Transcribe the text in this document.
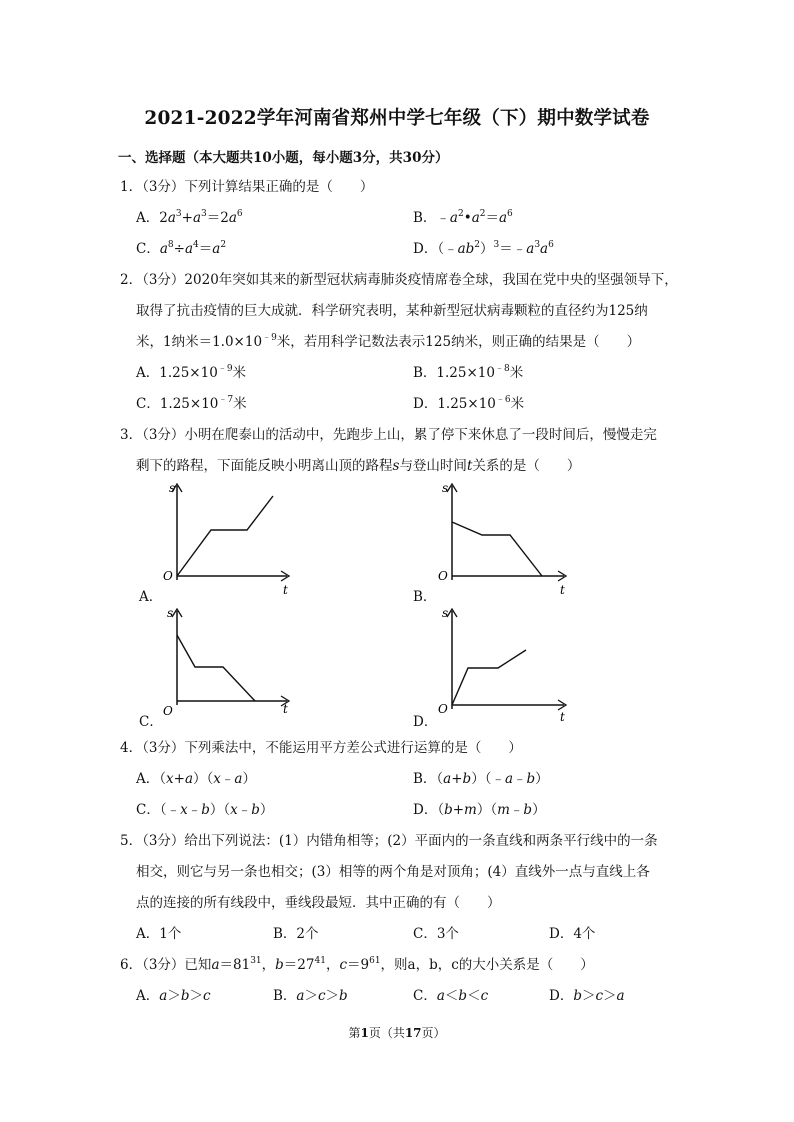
2021-2022学年河南省郑州中学七年级（下）期中数学试卷
一、选择题（本大题共10小题，每小题3分，共30分）
1．（3分）下列计算结果正确的是（　　）
A．$2a^3+a^3=2a^6$	B．$﹣a^2•a^2=a^6$
C．$a^8\div a^4=a^2$	D．$(﹣ab^2)^3=﹣a^3a^6$
2．（3分）2020年突如其来的新型冠状病毒肺炎疫情席卷全球，我国在党中央的坚强领导下，
取得了抗击疫情的巨大成就．科学研究表明，某种新型冠状病毒颗粒的直径约为125纳
米，1纳米$=1.0\times 10^{﹣9}$米，若用科学记数法表示125纳米，则正确的结果是（　　）
A．$1.25\times 10^{﹣9}$米	B．$1.25\times 10^{﹣8}$米
C．$1.25\times 10^{﹣7}$米	D．$1.25\times 10^{﹣6}$米
3．（3分）小明在爬泰山的活动中，先跑步上山，累了停下来休息了一段时间后，慢慢走完
剩下的路程，下面能反映小明离山顶的路程s与登山时间t关系的是（　　）
A．
s
t
O
B．
s
t
O
C．
s
t
O
D．
s
t
O
4．（3分）下列乘法中，不能运用平方差公式进行运算的是（　　）
A．（x+a）（x﹣a）	B．（a+b）（﹣a﹣b）
C．（﹣x﹣b）（x﹣b）	D．（b+m）（m﹣b）
5．（3分）给出下列说法：(1）内错角相等；(2）平面内的一条直线和两条平行线中的一条
相交，则它与另一条也相交；(3）相等的两个角是对顶角；(4）直线外一点与直线上各
点的连接的所有线段中，垂线段最短．其中正确的有（　　）
A．1个	B．2个	C．3个	D．4个
6．（3分）已知$a=81^{31}$，$b=27^{41}$，$c=9^{61}$，则a，b，c的大小关系是（　　）
A．a＞b＞c	B．a＞c＞b	C．a＜b＜c	D．b＞c＞a
第1页（共17页）
